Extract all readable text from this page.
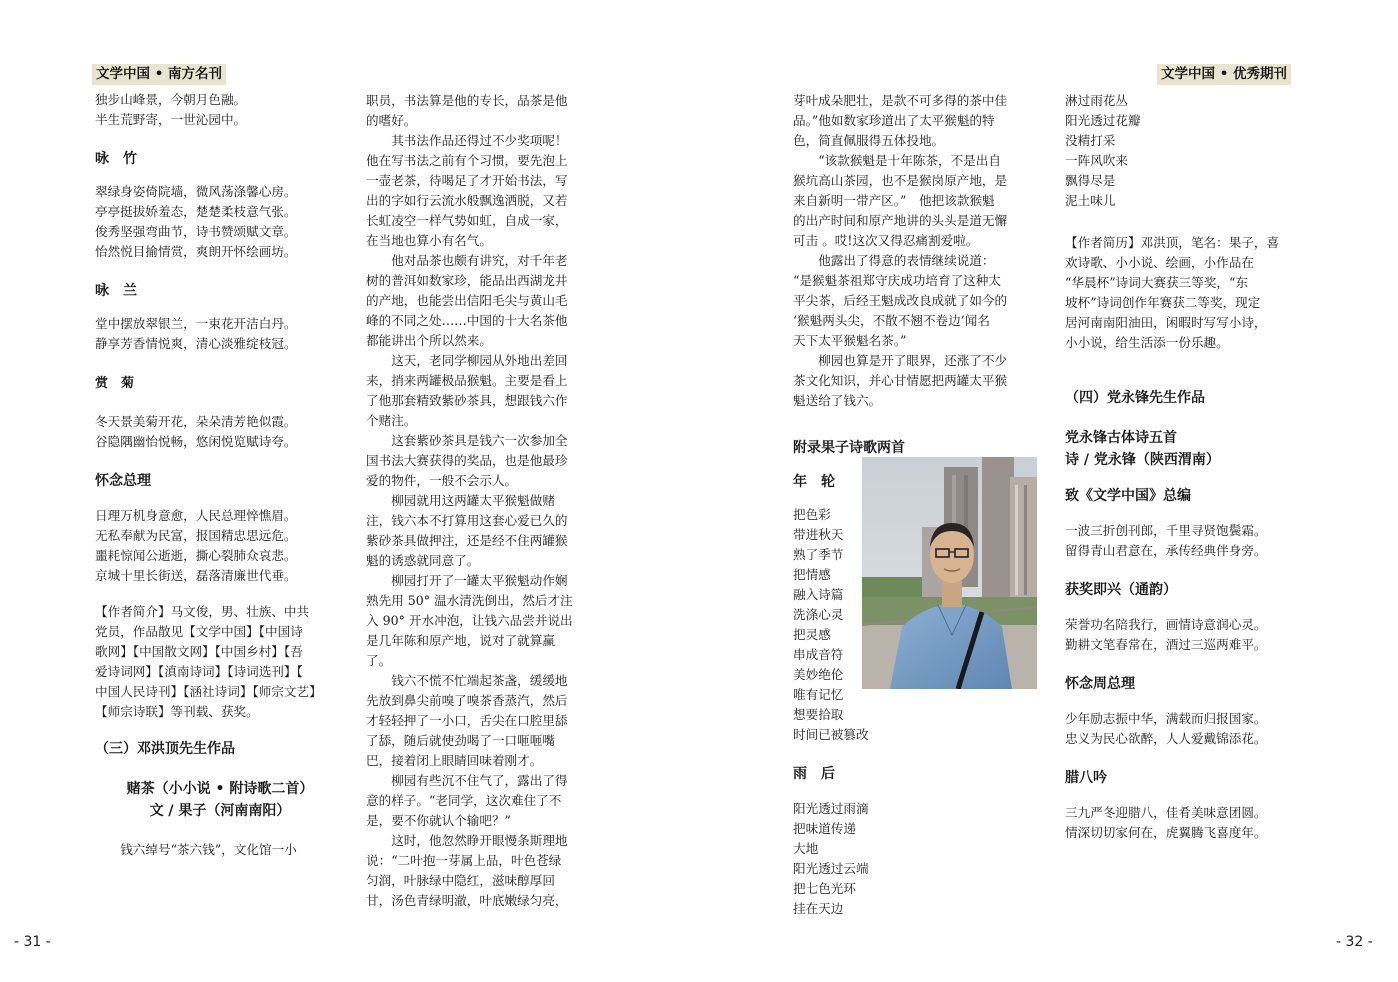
文学中国 • 南方名刊

独步山峰景，今朝月色融。

半生荒野寄，一世沁园中。

咏　竹

翠绿身姿倚院墙，微风荡涤馨心房。

亭亭挺拔娇羞态，楚楚柔枝意气张。

俊秀坚强弯曲节，诗书赞颂赋文章。

怡然悦目揄情赏，爽朗开怀绘画坊。

咏　兰

堂中摆放翠银兰，一束花开洁白丹。

静享芳香情悦爽，清心淡雅绽枝冠。

赏　菊

冬天景美菊开花，朵朵清芳艳似霞。

谷隐隅幽怡悦畅，悠闲悦览赋诗夸。

怀念总理

日理万机身意愈，人民总理悴憔眉。

无私奉献为民富，报国精忠思远危。

噩耗惊闻公逝逝，撕心裂肺众哀悲。

京城十里长街送，磊落清廉世代垂。

【作者简介】马文俊，男、壮族、中共

党员，作品散见【文学中国】【中国诗

歌网】【中国散文网】【中国乡村】【吾

爱诗词网】【滇南诗词】【诗词选刊】【

中国人民诗刊】【涵社诗词】【师宗文艺】

【师宗诗联】等刊载、获奖。

（三）邓洪顶先生作品
赌茶（小小说 • 附诗歌二首）
文 / 果子（河南南阳）

钱六绰号“茶六钱”，文化馆一小

职员，书法算是他的专长，品茶是他

的嗜好。

　　其书法作品还得过不少奖项呢！

他在写书法之前有个习惯，要先泡上

一壶老茶，待喝足了才开始书法，写

出的字如行云流水般飘逸洒脱，又若

长虹凌空一样气势如虹，自成一家，

在当地也算小有名气。

　　他对品茶也颇有讲究，对千年老

树的普洱如数家珍，能品出西湖龙井

的产地，也能尝出信阳毛尖与黄山毛

峰的不同之处……中国的十大名茶他

都能讲出个所以然来。

　　这天，老同学柳园从外地出差回

来，捎来两罐极品猴魁。主要是看上

了他那套精致紫砂茶具，想跟钱六作

个赌注。

　　这套紫砂茶具是钱六一次参加全

国书法大赛获得的奖品，也是他最珍

爱的物件，一般不会示人。

　　柳园就用这两罐太平猴魁做赌

注，钱六本不打算用这套心爱已久的

紫砂茶具做押注，还是经不住两罐猴

魁的诱惑就同意了。

　　柳园打开了一罐太平猴魁动作娴

熟先用 50° 温水清洗倒出，然后才注

入 90° 开水冲泡，让钱六品尝并说出

是几年陈和原产地，说对了就算赢

了。

　　钱六不慌不忙端起茶盏，缓缓地

先放到鼻尖前嗅了嗅茶香蒸汽，然后

才轻轻押了一小口，舌尖在口腔里舔

了舔，随后就使劲喝了一口咂咂嘴

巴，接着闭上眼睛回味着刚才。

　　柳园有些沉不住气了，露出了得

意的样子。“老同学，这次难住了不

是，要不你就认个输吧？”

　　这时，他忽然睁开眼慢条斯理地

说：“二叶抱一芽属上品，叶色苍绿

匀润，叶脉绿中隐红，滋味醇厚回

甘，汤色青绿明澈，叶底嫩绿匀亮，

- 31 -
文学中国 • 优秀期刊

芽叶成朵肥壮，是款不可多得的茶中佳

品。”他如数家珍道出了太平猴魁的特

色，简直佩服得五体投地。

　　“该款猴魁是十年陈茶，不是出自

猴坑高山茶园，也不是猴岗原产地，是

来自新明一带产区。”　他把该款猴魁

的出产时间和原产地讲的头头是道无懈

可击 。哎!这次又得忍痛割爱啦。

　　他露出了得意的表情继续说道：

“是猴魁茶祖郑守庆成功培育了这种太

平尖茶，后经王魁成改良成就了如今的

‘猴魁两头尖，不散不翘不卷边’闻名

天下太平猴魁名茶。”

　　柳园也算是开了眼界，还涨了不少

茶文化知识，并心甘情愿把两罐太平猴

魁送给了钱六。

附录果子诗歌两首
年　轮

把色彩

带进秋天

熟了季节

把情感

融入诗篇

洗涤心灵

把灵感

串成音符

美妙绝伦

唯有记忆

想要拾取

时间已被篡改

雨　后

阳光透过雨滴

把味道传递

大地

阳光透过云端

把七色光环

挂在天边

淋过雨花丛

阳光透过花瓣

没精打采

一阵风吹来

飘得尽是

泥土味儿

【作者简历】邓洪顶，笔名：果子，喜

欢诗歌、小小说、绘画，小作品在

“华晨杯”诗词大赛获三等奖，“东

坡杯”诗词创作年赛获二等奖，现定

居河南南阳油田，闲暇时写写小诗，

小小说，给生活添一份乐趣。

（四）党永锋先生作品
党永锋古体诗五首
诗 / 党永锋（陕西渭南）
致《文学中国》总编

一波三折创刊郎，千里寻贤饱鬓霜。

留得青山君意在，承传经典伴身旁。

获奖即兴（通韵）

荣誉功名陪我行，画情诗意润心灵。

勤耕文笔春常在，酒过三巡两难平。

怀念周总理

少年励志振中华，满载而归报国家。

忠义为民心欲醉，人人爱戴锦添花。

腊八吟

三九严冬迎腊八，佳肴美味意团圆。

情深切切家何在，虎翼腾飞喜度年。

- 32 -
